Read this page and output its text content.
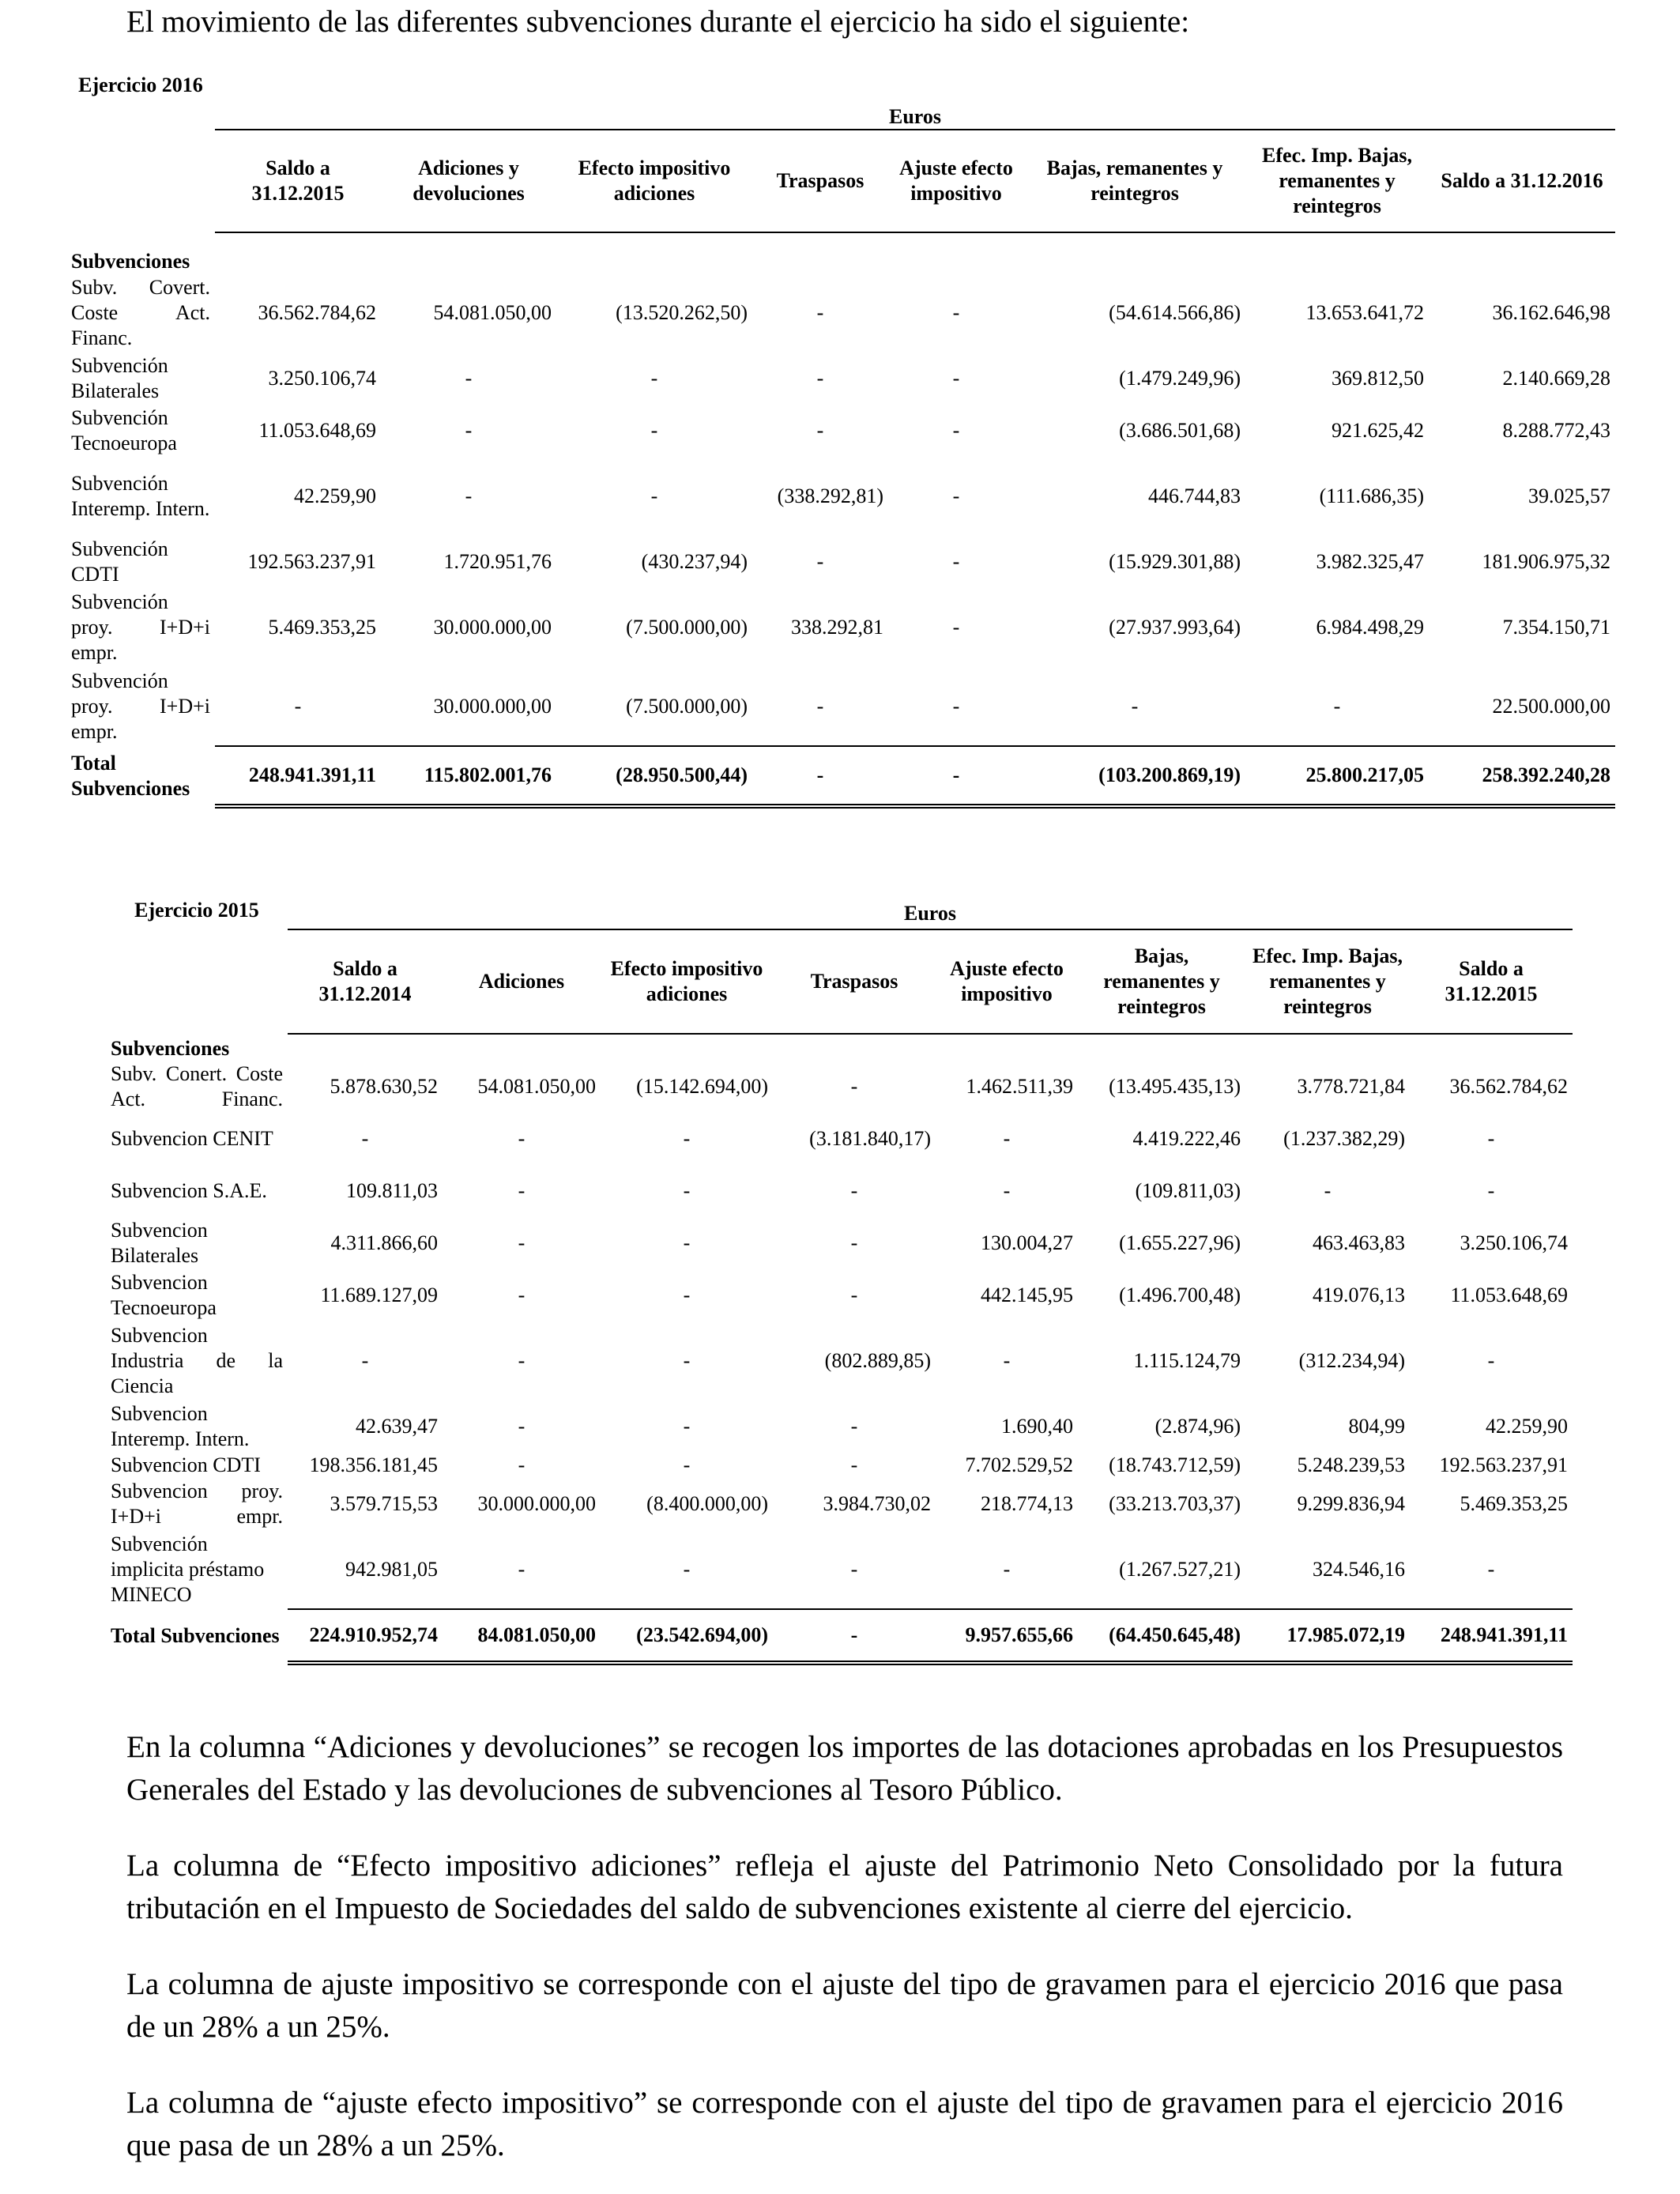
El movimiento de las diferentes subvenciones durante el ejercicio ha sido el siguiente:

Ejercicio 2016	Euros							
	Saldo a 31.12.2015	Adiciones y devoluciones	Efecto impositivo adiciones	Traspasos	Ajuste efecto impositivo	Bajas, remanentes y reintegros	Efec. Imp. Bajas, remanentes y reintegros	Saldo a 31.12.2016
Subvenciones								
Subv. Covert. Coste Act. Financ.	36.562.784,62	54.081.050,00	(13.520.262,50)	-	-	(54.614.566,86)	13.653.641,72	36.162.646,98
Subvención Bilaterales	3.250.106,74	-	-	-	-	(1.479.249,96)	369.812,50	2.140.669,28
Subvención Tecnoeuropa	11.053.648,69	-	-	-	-	(3.686.501,68)	921.625,42	8.288.772,43
Subvención Interemp. Intern.	42.259,90	-	-	(338.292,81)	-	446.744,83	(111.686,35)	39.025,57
Subvención CDTI	192.563.237,91	1.720.951,76	(430.237,94)	-	-	(15.929.301,88)	3.982.325,47	181.906.975,32
Subvención proy. I+D+i empr.	5.469.353,25	30.000.000,00	(7.500.000,00)	338.292,81	-	(27.937.993,64)	6.984.498,29	7.354.150,71
Subvención proy. I+D+i empr.	-	30.000.000,00	(7.500.000,00)	-	-	-	-	22.500.000,00
Total Subvenciones	248.941.391,11	115.802.001,76	(28.950.500,44)	-	-	(103.200.869,19)	25.800.217,05	258.392.240,28
Ejercicio 2015	Euros							
	Saldo a 31.12.2014	Adiciones	Efecto impositivo adiciones	Traspasos	Ajuste efecto impositivo	Bajas, remanentes y reintegros	Efec. Imp. Bajas, remanentes y reintegros	Saldo a 31.12.2015
Subvenciones								
Subv. Conert. Coste Act. Financ.	5.878.630,52	54.081.050,00	(15.142.694,00)	-	1.462.511,39	(13.495.435,13)	3.778.721,84	36.562.784,62
Subvencion CENIT	-	-	-	(3.181.840,17)	-	4.419.222,46	(1.237.382,29)	-
Subvencion S.A.E.	109.811,03	-	-	-	-	(109.811,03)	-	-
Subvencion Bilaterales	4.311.866,60	-	-	-	130.004,27	(1.655.227,96)	463.463,83	3.250.106,74
Subvencion Tecnoeuropa	11.689.127,09	-	-	-	442.145,95	(1.496.700,48)	419.076,13	11.053.648,69
Subvencion Industria de la Ciencia	-	-	-	(802.889,85)	-	1.115.124,79	(312.234,94)	-
Subvencion Interemp. Intern.	42.639,47	-	-	-	1.690,40	(2.874,96)	804,99	42.259,90
Subvencion CDTI	198.356.181,45	-	-	-	7.702.529,52	(18.743.712,59)	5.248.239,53	192.563.237,91
Subvencion proy. I+D+i empr.	3.579.715,53	30.000.000,00	(8.400.000,00)	3.984.730,02	218.774,13	(33.213.703,37)	9.299.836,94	5.469.353,25
Subvención implicita préstamo MINECO	942.981,05	-	-	-	-	(1.267.527,21)	324.546,16	-
Total Subvenciones	224.910.952,74	84.081.050,00	(23.542.694,00)	-	9.957.655,66	(64.450.645,48)	17.985.072,19	248.941.391,11

En la columna “Adiciones y devoluciones” se recogen los importes de las dotaciones aprobadas en los Presupuestos Generales del Estado y las devoluciones de subvenciones al Tesoro Público.

La columna de “Efecto impositivo adiciones” refleja el ajuste del Patrimonio Neto Consolidado por la futura tributación en el Impuesto de Sociedades del saldo de subvenciones existente al cierre del ejercicio.

La columna de ajuste impositivo se corresponde con el ajuste del tipo de gravamen para el ejercicio 2016 que pasa de un 28% a un 25%.

La columna de “ajuste efecto impositivo” se corresponde con el ajuste del tipo de gravamen para el ejercicio 2016 que pasa de un 28% a un 25%.
